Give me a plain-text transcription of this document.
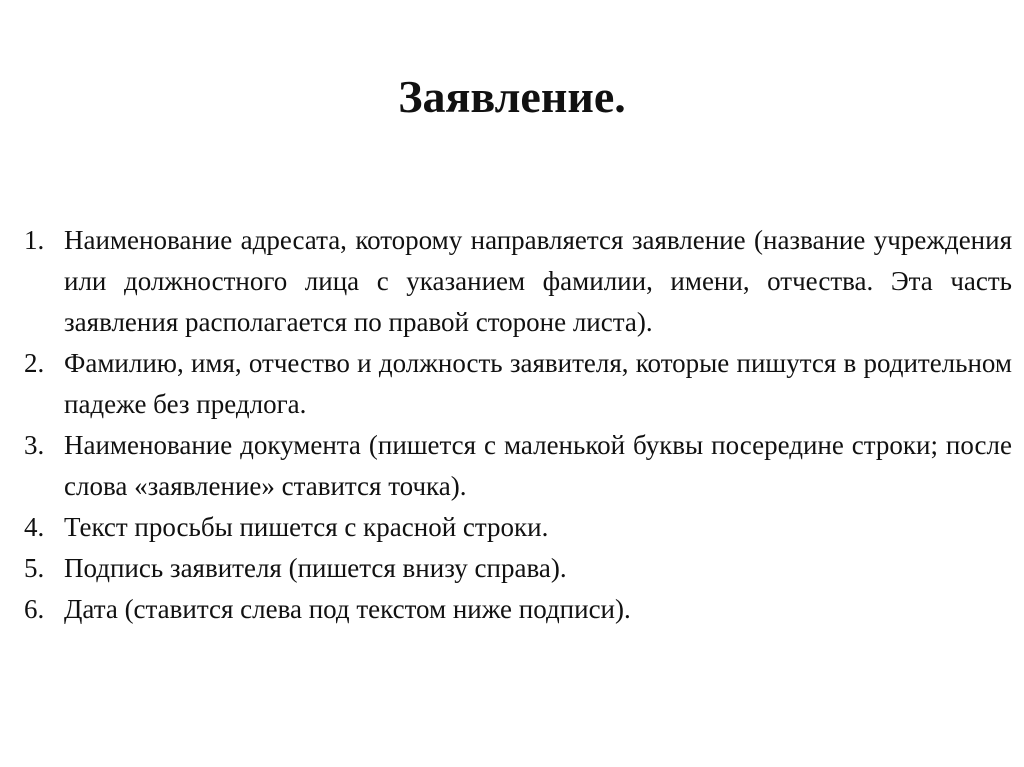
Заявление.
1. Наименование адресата, которому направляется заявление (название учреждения или должностного лица с указанием фамилии, имени, отчества. Эта часть заявления располагается по правой стороне листа).
2. Фамилию, имя, отчество и должность заявителя, которые пишутся в родительном падеже без предлога.
3. Наименование документа (пишется с маленькой буквы посередине строки; после слова «заявление» ставится точка).
4. Текст просьбы пишется с красной строки.
5. Подпись заявителя (пишется внизу справа).
6. Дата (ставится слева под текстом ниже подписи).
